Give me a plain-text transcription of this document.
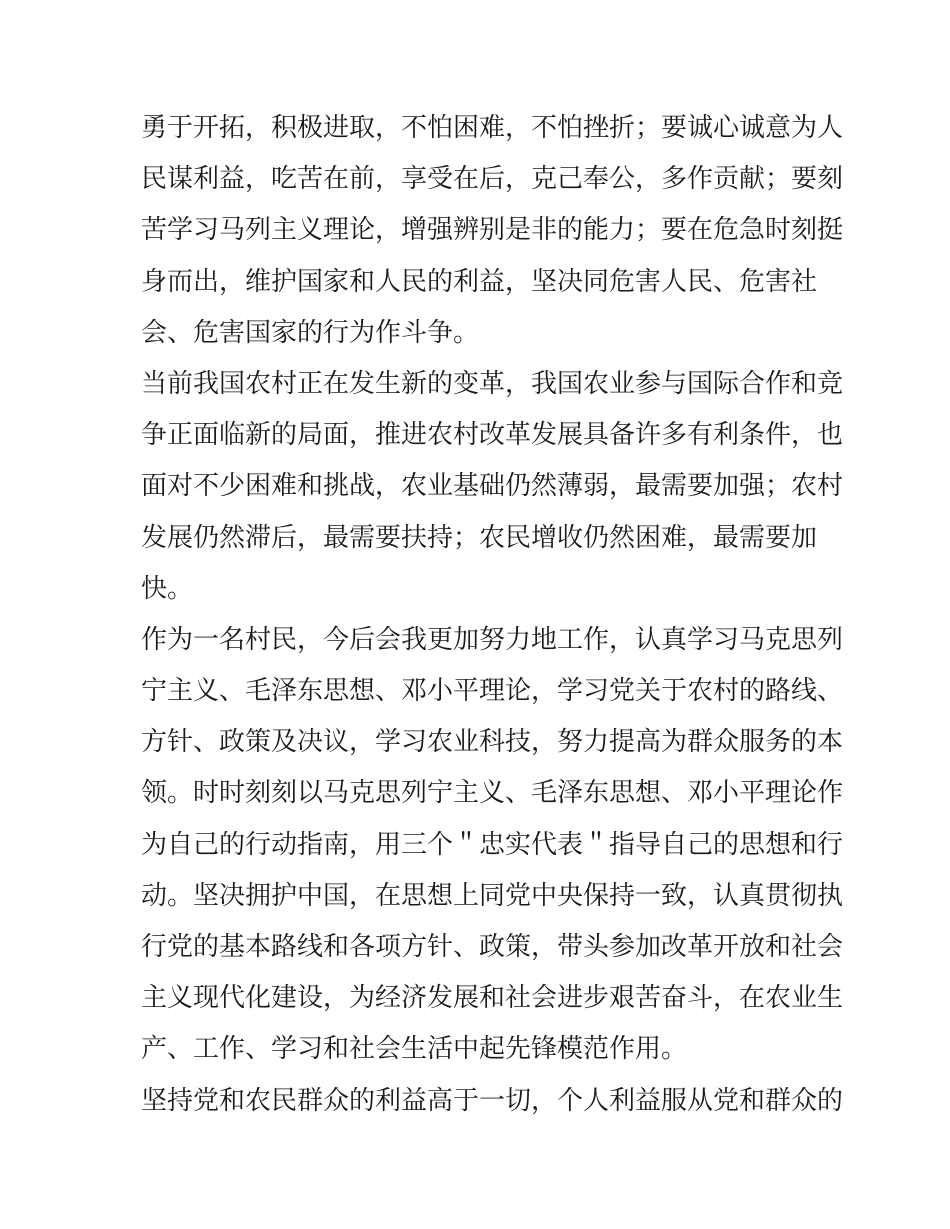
勇于开拓，积极进取，不怕困难，不怕挫折；要诚心诚意为人
民谋利益，吃苦在前，享受在后，克己奉公，多作贡献；要刻
苦学习马列主义理论，增强辨别是非的能力；要在危急时刻挺
身而出，维护国家和人民的利益，坚决同危害人民、危害社
会、危害国家的行为作斗争。

当前我国农村正在发生新的变革，我国农业参与国际合作和竞
争正面临新的局面，推进农村改革发展具备许多有利条件，也
面对不少困难和挑战，农业基础仍然薄弱，最需要加强；农村
发展仍然滞后，最需要扶持；农民增收仍然困难，最需要加
快。

作为一名村民，今后会我更加努力地工作，认真学习马克思列
宁主义、毛泽东思想、邓小平理论，学习党关于农村的路线、
方针、政策及决议，学习农业科技，努力提高为群众服务的本
领。时时刻刻以马克思列宁主义、毛泽东思想、邓小平理论作
为自己的行动指南，用三个＂忠实代表＂指导自己的思想和行
动。坚决拥护中国，在思想上同党中央保持一致，认真贯彻执
行党的基本路线和各项方针、政策，带头参加改革开放和社会
主义现代化建设，为经济发展和社会进步艰苦奋斗，在农业生
产、工作、学习和社会生活中起先锋模范作用。

坚持党和农民群众的利益高于一切，个人利益服从党和群众的
